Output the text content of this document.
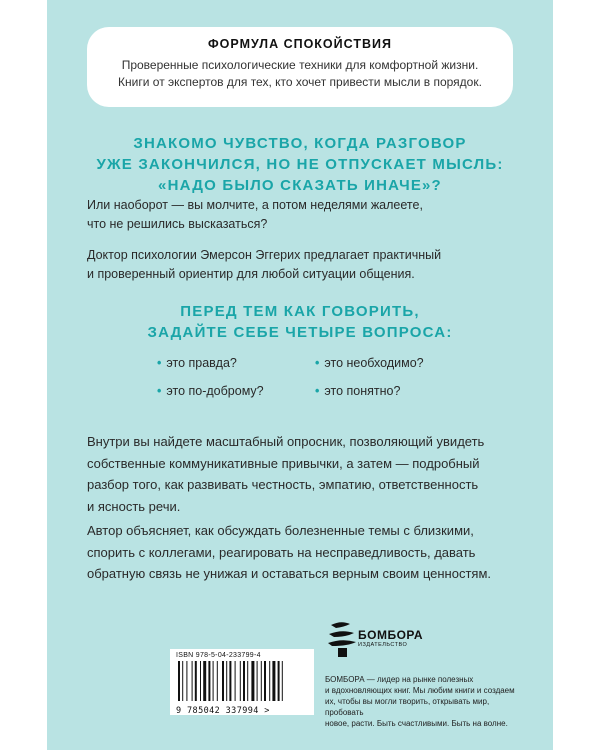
ФОРМУЛА СПОКОЙСТВИЯ
Проверенные психологические техники для комфортной жизни.
Книги от экспертов для тех, кто хочет привести мысли в порядок.
ЗНАКОМО ЧУВСТВО, КОГДА РАЗГОВОР
УЖЕ ЗАКОНЧИЛСЯ, НО НЕ ОТПУСКАЕТ МЫСЛЬ:
«НАДО БЫЛО СКАЗАТЬ ИНАЧЕ»?
Или наоборот — вы молчите, а потом неделями жалеете,
что не решились высказаться?
Доктор психологии Эмерсон Эггерих предлагает практичный
и проверенный ориентир для любой ситуации общения.
ПЕРЕД ТЕМ КАК ГОВОРИТЬ,
ЗАДАЙТЕ СЕБЕ ЧЕТЫРЕ ВОПРОСА:
• это правда?	• это необходимо?
• это по-доброму?	• это понятно?
Внутри вы найдете масштабный опросник, позволяющий увидеть
собственные коммуникативные привычки, а затем — подробный
разбор того, как развивать честность, эмпатию, ответственность
и ясность речи.
Автор объясняет, как обсуждать болезненные темы с близкими,
спорить с коллегами, реагировать на несправедливость, давать
обратную связь не унижая и оставаться верным своим ценностям.
ISBN 978-5-04-233799-4
9 785042 337994 >
БОМБОРА
ИЗДАТЕЛЬСТВО
БОМБОРА — лидер на рынке полезных
и вдохновляющих книг. Мы любим книги и создаем
их, чтобы вы могли творить, открывать мир, пробовать
новое, расти. Быть счастливыми. Быть на волне.
